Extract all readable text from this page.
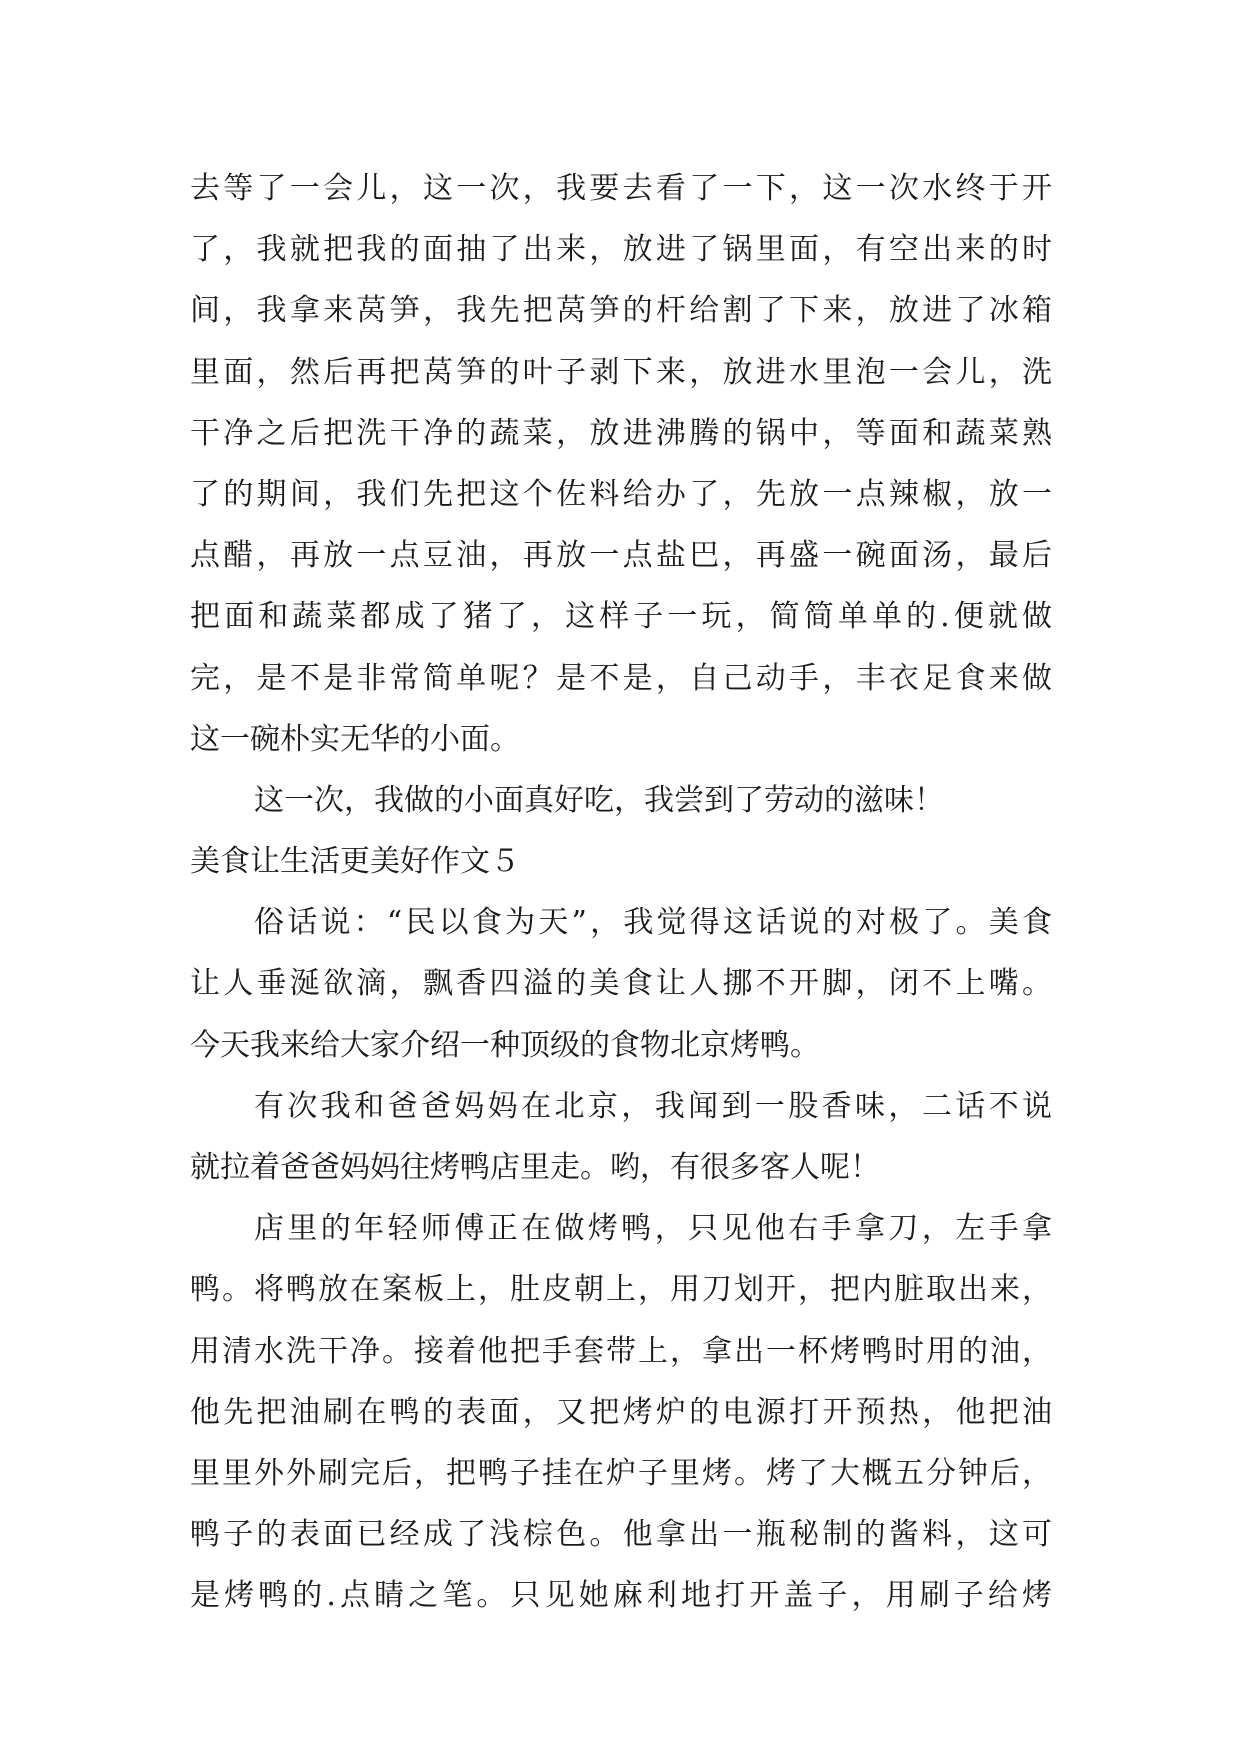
去等了一会儿，这一次，我要去看了一下，这一次水终于开
了，我就把我的面抽了出来，放进了锅里面，有空出来的时
间，我拿来莴笋，我先把莴笋的杆给割了下来，放进了冰箱
里面，然后再把莴笋的叶子剥下来，放进水里泡一会儿，洗
干净之后把洗干净的蔬菜，放进沸腾的锅中，等面和蔬菜熟
了的期间，我们先把这个佐料给办了，先放一点辣椒，放一
点醋，再放一点豆油，再放一点盐巴，再盛一碗面汤，最后
把面和蔬菜都成了猪了，这样子一玩，简简单单的.便就做
完，是不是非常简单呢？是不是，自己动手，丰衣足食来做
这一碗朴实无华的小面。
这一次，我做的小面真好吃，我尝到了劳动的滋味！
美食让生活更美好作文５
俗话说：“民以食为天”，我觉得这话说的对极了。美食
让人垂涎欲滴，飘香四溢的美食让人挪不开脚，闭不上嘴。
今天我来给大家介绍一种顶级的食物北京烤鸭。
有次我和爸爸妈妈在北京，我闻到一股香味，二话不说
就拉着爸爸妈妈往烤鸭店里走。哟，有很多客人呢！
店里的年轻师傅正在做烤鸭，只见他右手拿刀，左手拿
鸭。将鸭放在案板上，肚皮朝上，用刀划开，把内脏取出来，
用清水洗干净。接着他把手套带上，拿出一杯烤鸭时用的油，
他先把油刷在鸭的表面，又把烤炉的电源打开预热，他把油
里里外外刷完后，把鸭子挂在炉子里烤。烤了大概五分钟后，
鸭子的表面已经成了浅棕色。他拿出一瓶秘制的酱料，这可
是烤鸭的.点睛之笔。只见她麻利地打开盖子，用刷子给烤
